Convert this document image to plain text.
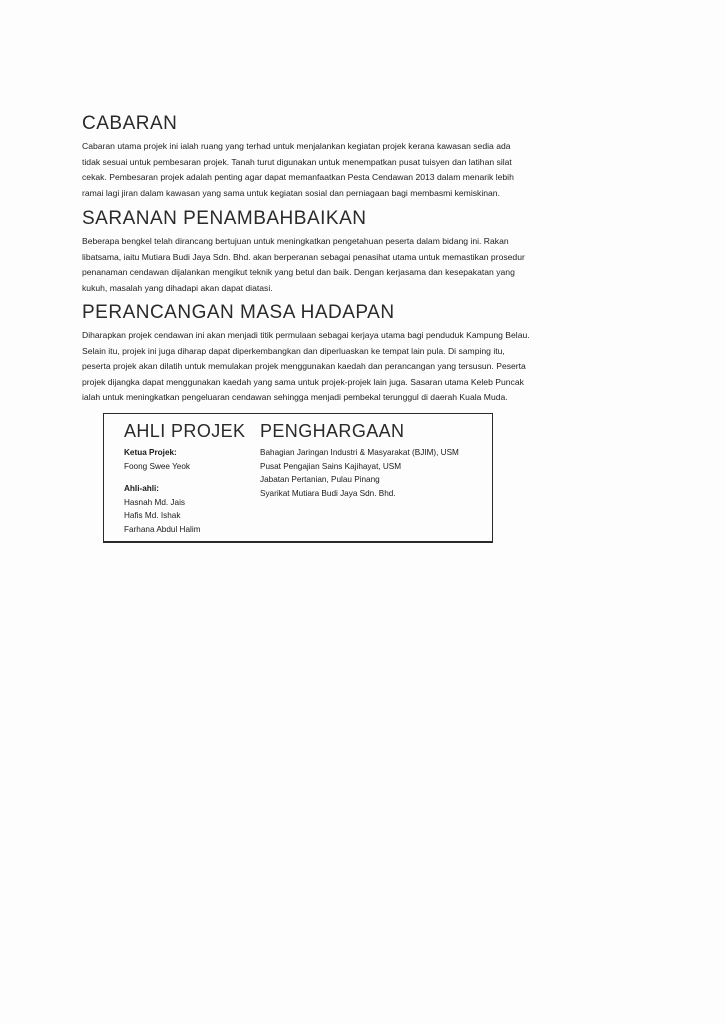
CABARAN

Cabaran utama projek ini ialah ruang yang terhad untuk menjalankan kegiatan projek kerana kawasan sedia ada
tidak sesuai untuk pembesaran projek. Tanah turut digunakan untuk menempatkan pusat tuisyen dan latihan silat
cekak. Pembesaran projek adalah penting agar dapat memanfaatkan Pesta Cendawan 2013 dalam menarik lebih
ramai lagi jiran dalam kawasan yang sama untuk kegiatan sosial dan perniagaan bagi membasmi kemiskinan.

SARANAN PENAMBAHBAIKAN

Beberapa bengkel telah dirancang bertujuan untuk meningkatkan pengetahuan peserta dalam bidang ini. Rakan
libatsama, iaitu Mutiara Budi Jaya Sdn. Bhd. akan berperanan sebagai penasihat utama untuk memastikan prosedur
penanaman cendawan dijalankan mengikut teknik yang betul dan baik. Dengan kerjasama dan kesepakatan yang
kukuh, masalah yang dihadapi akan dapat diatasi.

PERANCANGAN MASA HADAPAN

Diharapkan projek cendawan ini akan menjadi titik permulaan sebagai kerjaya utama bagi penduduk Kampung Belau.
Selain itu, projek ini juga diharap dapat diperkembangkan dan diperluaskan ke tempat lain pula. Di samping itu,
peserta projek akan dilatih untuk memulakan projek menggunakan kaedah dan perancangan yang tersusun. Peserta
projek dijangka dapat menggunakan kaedah yang sama untuk projek-projek lain juga. Sasaran utama Keleb Puncak
ialah untuk meningkatkan pengeluaran cendawan sehingga menjadi pembekal terunggul di daerah Kuala Muda.

AHLI PROJEK
Ketua Projek:
Foong Swee Yeok
Ahli-ahli:
Hasnah Md. Jais
Hafis Md. Ishak
Farhana Abdul Halim
PENGHARGAAN
Bahagian Jaringan Industri & Masyarakat (BJIM), USM
Pusat Pengajian Sains Kajihayat, USM
Jabatan Pertanian, Pulau Pinang
Syarikat Mutiara Budi Jaya Sdn. Bhd.
